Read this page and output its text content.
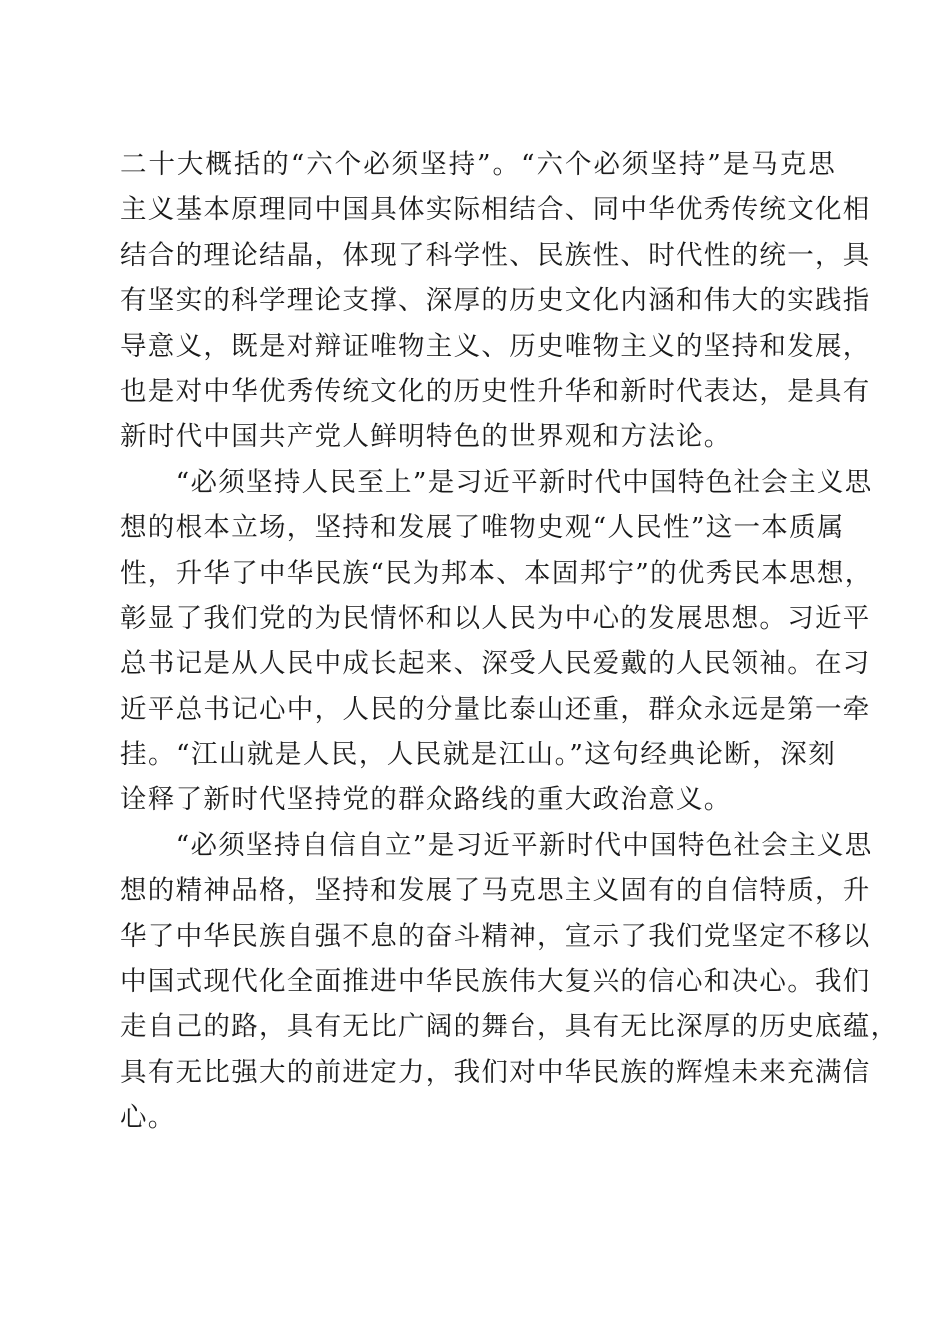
二十大概括的“六个必须坚持”。“六个必须坚持”是马克思
主义基本原理同中国具体实际相结合、同中华优秀传统文化相
结合的理论结晶，体现了科学性、民族性、时代性的统一，具
有坚实的科学理论支撑、深厚的历史文化内涵和伟大的实践指
导意义，既是对辩证唯物主义、历史唯物主义的坚持和发展，
也是对中华优秀传统文化的历史性升华和新时代表达，是具有
新时代中国共产党人鲜明特色的世界观和方法论。
　　“必须坚持人民至上”是习近平新时代中国特色社会主义思
想的根本立场，坚持和发展了唯物史观“人民性”这一本质属
性，升华了中华民族“民为邦本、本固邦宁”的优秀民本思想，
彰显了我们党的为民情怀和以人民为中心的发展思想。习近平
总书记是从人民中成长起来、深受人民爱戴的人民领袖。在习
近平总书记心中，人民的分量比泰山还重，群众永远是第一牵
挂。“江山就是人民，人民就是江山。”这句经典论断，深刻
诠释了新时代坚持党的群众路线的重大政治意义。
　　“必须坚持自信自立”是习近平新时代中国特色社会主义思
想的精神品格，坚持和发展了马克思主义固有的自信特质，升
华了中华民族自强不息的奋斗精神，宣示了我们党坚定不移以
中国式现代化全面推进中华民族伟大复兴的信心和决心。我们
走自己的路，具有无比广阔的舞台，具有无比深厚的历史底蕴，
具有无比强大的前进定力，我们对中华民族的辉煌未来充满信
心。
